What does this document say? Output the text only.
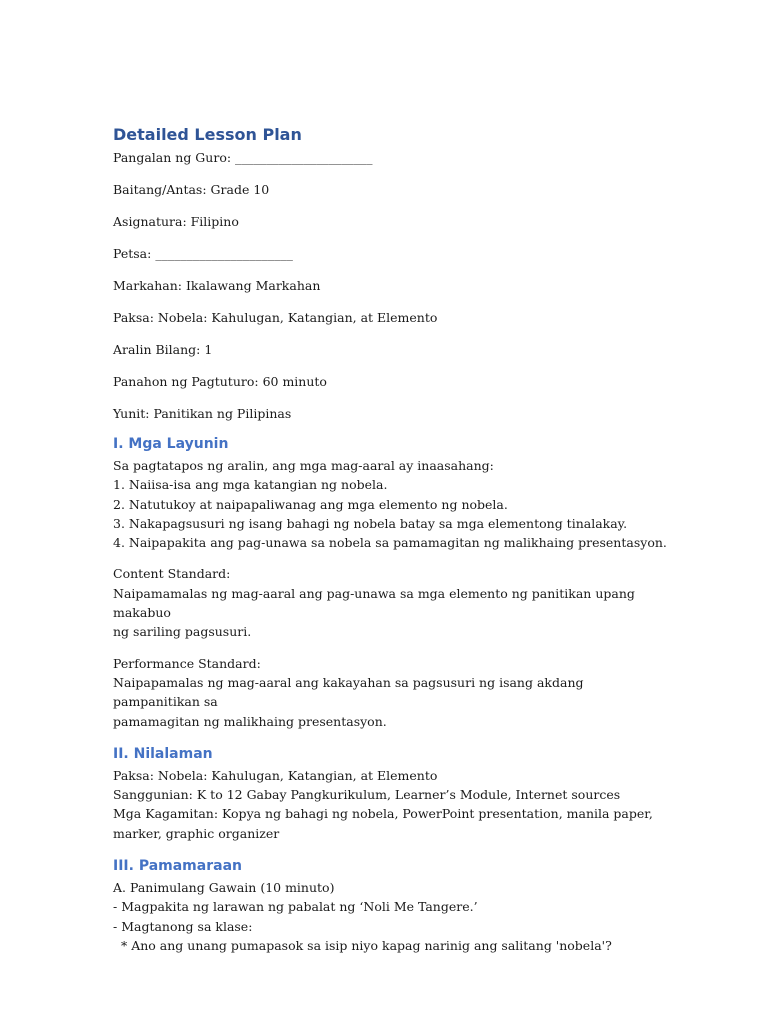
Detailed Lesson Plan

Pangalan ng Guro: ______________________

Baitang/Antas: Grade 10

Asignatura: Filipino

Petsa: ______________________

Markahan: Ikalawang Markahan

Paksa: Nobela: Kahulugan, Katangian, at Elemento

Aralin Bilang: 1

Panahon ng Pagtuturo: 60 minuto

Yunit: Panitikan ng Pilipinas

I. Mga Layunin

Sa pagtatapos ng aralin, ang mga mag-aaral ay inaasahang:

1. Naiisa-isa ang mga katangian ng nobela.

2. Natutukoy at naipapaliwanag ang mga elemento ng nobela.

3. Nakapagsusuri ng isang bahagi ng nobela batay sa mga elementong tinalakay.

4. Naipapakita ang pag-unawa sa nobela sa pamamagitan ng malikhaing presentasyon.

Content Standard:

Naipamamalas ng mag-aaral ang pag-unawa sa mga elemento ng panitikan upang makabuo

ng sariling pagsusuri.

Performance Standard:

Naipapamalas ng mag-aaral ang kakayahan sa pagsusuri ng isang akdang pampanitikan sa

pamamagitan ng malikhaing presentasyon.

II. Nilalaman

Paksa: Nobela: Kahulugan, Katangian, at Elemento

Sanggunian: K to 12 Gabay Pangkurikulum, Learner’s Module, Internet sources

Mga Kagamitan: Kopya ng bahagi ng nobela, PowerPoint presentation, manila paper,

marker, graphic organizer

III. Pamamaraan

A. Panimulang Gawain (10 minuto)

- Magpakita ng larawan ng pabalat ng ‘Noli Me Tangere.’

- Magtanong sa klase:

* Ano ang unang pumapasok sa isip niyo kapag narinig ang salitang 'nobela'?
